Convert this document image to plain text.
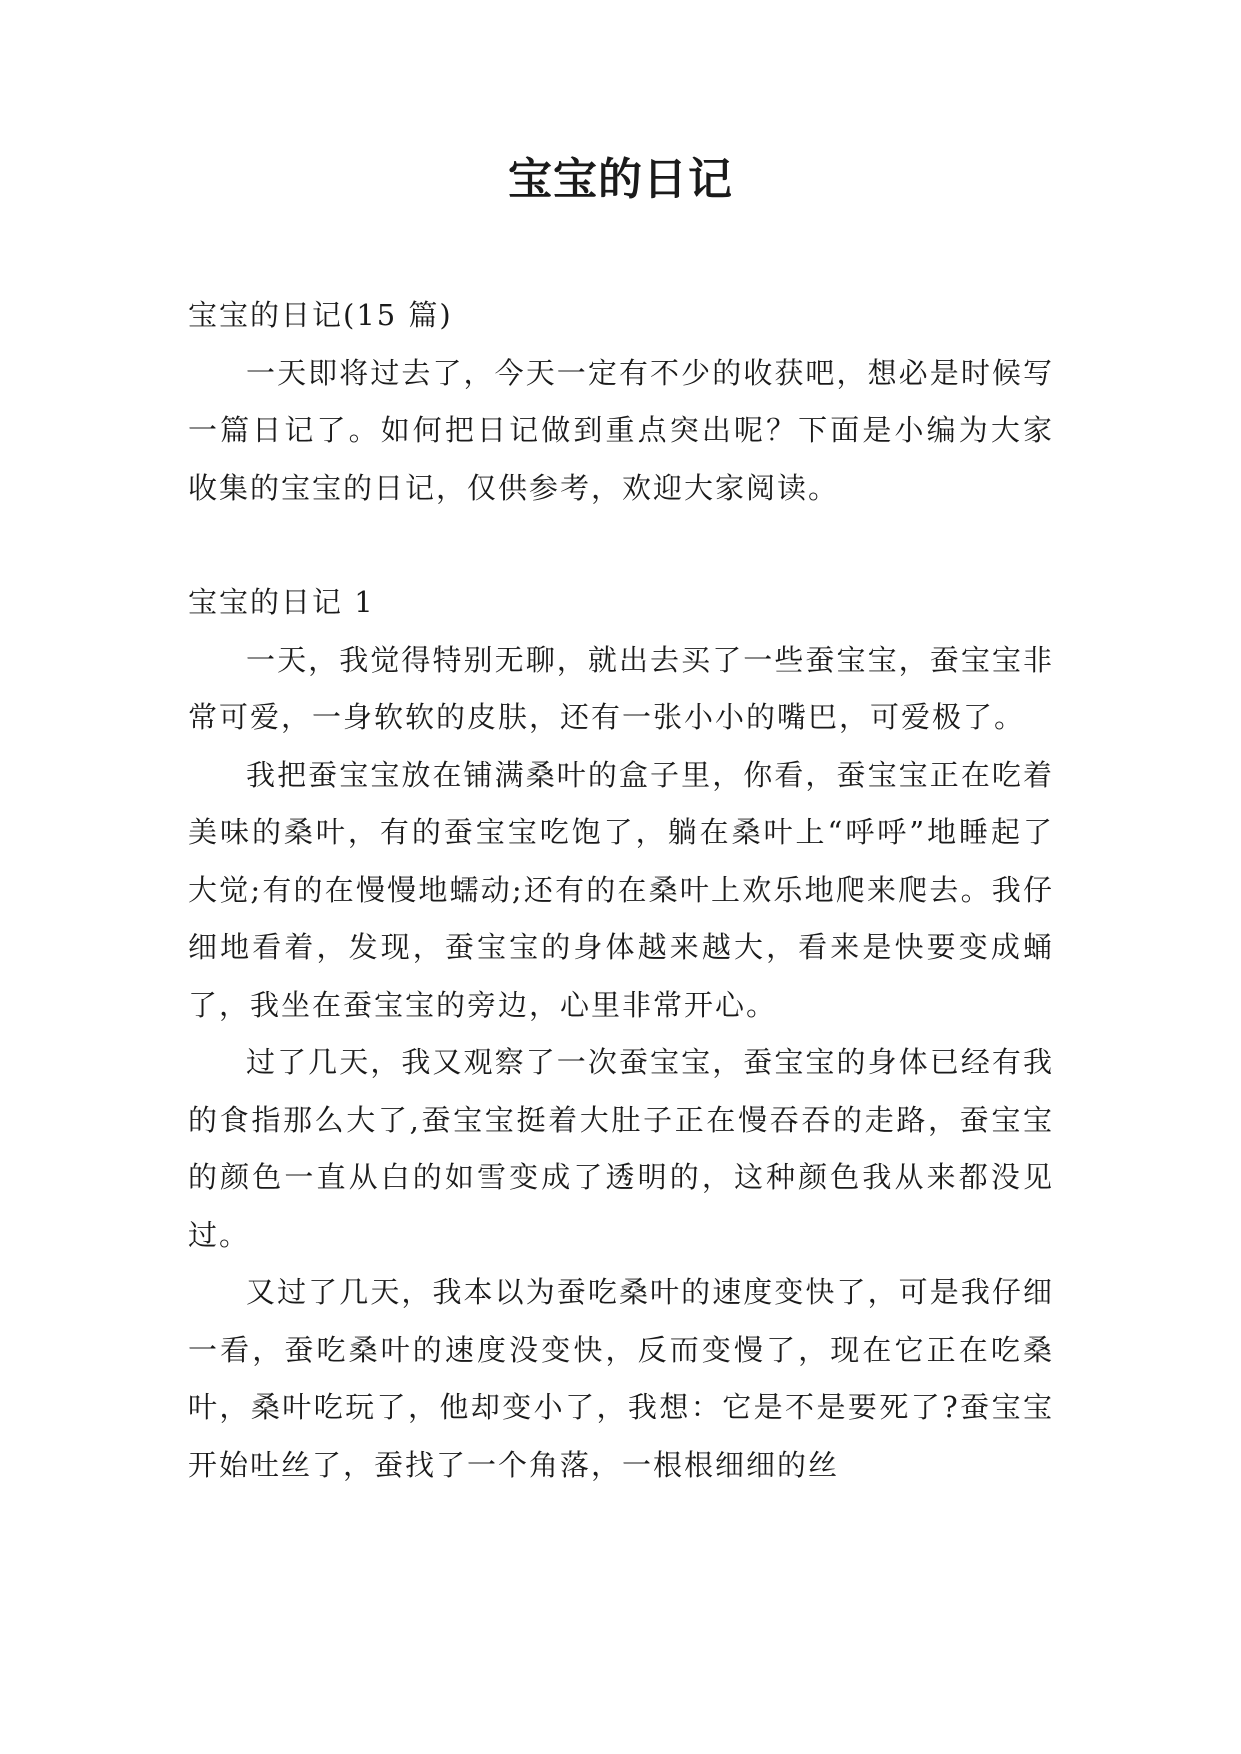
宝宝的日记

宝宝的日记(15 篇)

一天即将过去了，今天一定有不少的收获吧，想必是时候写一篇日记了。如何把日记做到重点突出呢？下面是小编为大家收集的宝宝的日记，仅供参考，欢迎大家阅读。

宝宝的日记 1

一天，我觉得特别无聊，就出去买了一些蚕宝宝，蚕宝宝非常可爱，一身软软的皮肤，还有一张小小的嘴巴，可爱极了。

我把蚕宝宝放在铺满桑叶的盒子里，你看，蚕宝宝正在吃着美味的桑叶，有的蚕宝宝吃饱了，躺在桑叶上“呼呼”地睡起了大觉;有的在慢慢地蠕动;还有的在桑叶上欢乐地爬来爬去。我仔细地看着，发现，蚕宝宝的身体越来越大，看来是快要变成蛹了，我坐在蚕宝宝的旁边，心里非常开心。

过了几天，我又观察了一次蚕宝宝，蚕宝宝的身体已经有我的食指那么大了,蚕宝宝挺着大肚子正在慢吞吞的走路，蚕宝宝的颜色一直从白的如雪变成了透明的，这种颜色我从来都没见过。

又过了几天，我本以为蚕吃桑叶的速度变快了，可是我仔细一看，蚕吃桑叶的速度没变快，反而变慢了，现在它正在吃桑叶，桑叶吃玩了，他却变小了，我想：它是不是要死了?蚕宝宝开始吐丝了，蚕找了一个角落，一根根细细的丝
